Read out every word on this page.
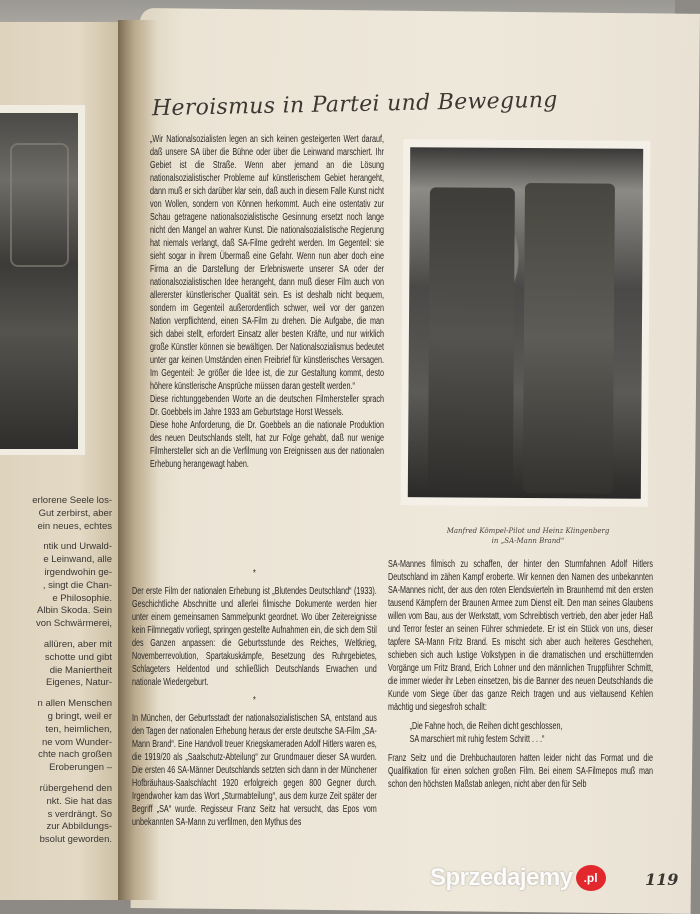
erlorene Seele los-
Gut zerbirst, aber
ein neues, echtes

ntik und Urwald-
e Leinwand, alle
irgendwohin ge-
, singt die Chan-
e Philosophie.
Albin Skoda. Sein
von Schwärmerei,

allüren, aber mit
schotte und gibt
die Maniertheit
Eigenes, Natur-

n allen Menschen
g bringt, weil er
ten, heimlichen,
ne vom Wunder-
chte nach großen
Eroberungen –

rübergehend den
nkt. Sie hat das
s verdrängt. So
zur Abbildungs-
bsolut geworden.

Heroismus in Partei und Bewegung

„Wir Nationalsozialisten legen an sich keinen gesteigerten Wert darauf, daß unsere SA über die Bühne oder über die Leinwand marschiert. Ihr Gebiet ist die Straße. Wenn aber jemand an die Lösung nationalsozialistischer Probleme auf künstlerischem Gebiet herangeht, dann muß er sich darüber klar sein, daß auch in diesem Falle Kunst nicht von Wollen, sondern von Können herkommt. Auch eine ostentativ zur Schau getragene nationalsozialistische Gesinnung ersetzt noch lange nicht den Mangel an wahrer Kunst. Die nationalsozialistische Regierung hat niemals verlangt, daß SA-Filme gedreht werden. Im Gegenteil: sie sieht sogar in ihrem Übermaß eine Gefahr. Wenn nun aber doch eine Firma an die Darstellung der Erlebniswerte unserer SA oder der nationalsozialistischen Idee herangeht, dann muß dieser Film auch von allererster künstlerischer Qualität sein. Es ist deshalb nicht bequem, sondern im Gegenteil außerordentlich schwer, weil vor der ganzen Nation verpflichtend, einen SA-Film zu drehen. Die Aufgabe, die man sich dabei stellt, erfordert Einsatz aller besten Kräfte, und nur wirklich große Künstler können sie bewältigen. Der Nationalsozialismus bedeutet unter gar keinen Umständen einen Freibrief für künstlerisches Versagen. Im Gegenteil: Je größer die Idee ist, die zur Gestaltung kommt, desto höhere künstlerische Ansprüche müssen daran gestellt werden.“

Diese richtunggebenden Worte an die deutschen Filmhersteller sprach Dr. Goebbels im Jahre 1933 am Geburtstage Horst Wessels.

Diese hohe Anforderung, die Dr. Goebbels an die nationale Produktion des neuen Deutschlands stellt, hat zur Folge gehabt, daß nur wenige Filmhersteller sich an die Verfilmung von Ereignissen aus der nationalen Erhebung herangewagt haben.

Manfred Kömpel-Pilot und Heinz Klingenberg
in „SA-Mann Brand“

*

Der erste Film der nationalen Erhebung ist „Blutendes Deutschland“ (1933). Geschichtliche Abschnitte und allerlei filmische Dokumente werden hier unter einem gemeinsamen Sammelpunkt geordnet. Wo über Zeitereignisse kein Filmnegativ vorliegt, springen gestellte Aufnahmen ein, die sich dem Stil des Ganzen anpassen: die Geburtsstunde des Reiches, Weltkrieg, Novemberrevolution, Spartakuskämpfe, Besetzung des Ruhrgebietes, Schlageters Heldentod und schließlich Deutschlands Erwachen und nationale Wiedergeburt.

*

In München, der Geburtsstadt der nationalsozialistischen SA, entstand aus den Tagen der nationalen Erhebung heraus der erste deutsche SA-Film „SA-Mann Brand“. Eine Handvoll treuer Kriegskameraden Adolf Hitlers waren es, die 1919/20 als „Saalschutz-Abteilung“ zur Grundmauer dieser SA wurden. Die ersten 46 SA-Männer Deutschlands setzten sich dann in der Münchener Hofbräuhaus-Saalschlacht 1920 erfolgreich gegen 800 Gegner durch. Irgendwoher kam das Wort „Sturmabteilung“, aus dem kurze Zeit später der Begriff „SA“ wurde. Regisseur Franz Seitz hat versucht, das Epos vom unbekannten SA-Mann zu verfilmen, den Mythus des

SA-Mannes filmisch zu schaffen, der hinter den Sturmfahnen Adolf Hitlers Deutschland im zähen Kampf eroberte. Wir kennen den Namen des unbekannten SA-Mannes nicht, der aus den roten Elendsvierteln im Braunhemd mit den ersten tausend Kämpfern der Braunen Armee zum Dienst eilt. Den man seines Glaubens willen vom Bau, aus der Werkstatt, vom Schreibtisch vertrieb, den aber jeder Haß und Terror fester an seinen Führer schmiedete. Er ist ein Stück von uns, dieser tapfere SA-Mann Fritz Brand. Es mischt sich aber auch heiteres Geschehen, schieben sich auch lustige Volkstypen in die dramatischen und erschütternden Vorgänge um Fritz Brand, Erich Lohner und den männlichen Truppführer Schmitt, die immer wieder ihr Leben einsetzen, bis die Banner des neuen Deutschlands die Kunde vom Siege über das ganze Reich tragen und aus vieltausend Kehlen mächtig und siegesfroh schallt:

„Die Fahne hoch, die Reihen dicht geschlossen,
SA marschiert mit ruhig festem Schritt . . .“

Franz Seitz und die Drehbuchautoren hatten leider nicht das Format und die Qualifikation für einen solchen großen Film. Bei einem SA-Filmepos muß man schon den höchsten Maßstab anlegen, nicht aber den für Selb

Sprzedajemy .pl	119
